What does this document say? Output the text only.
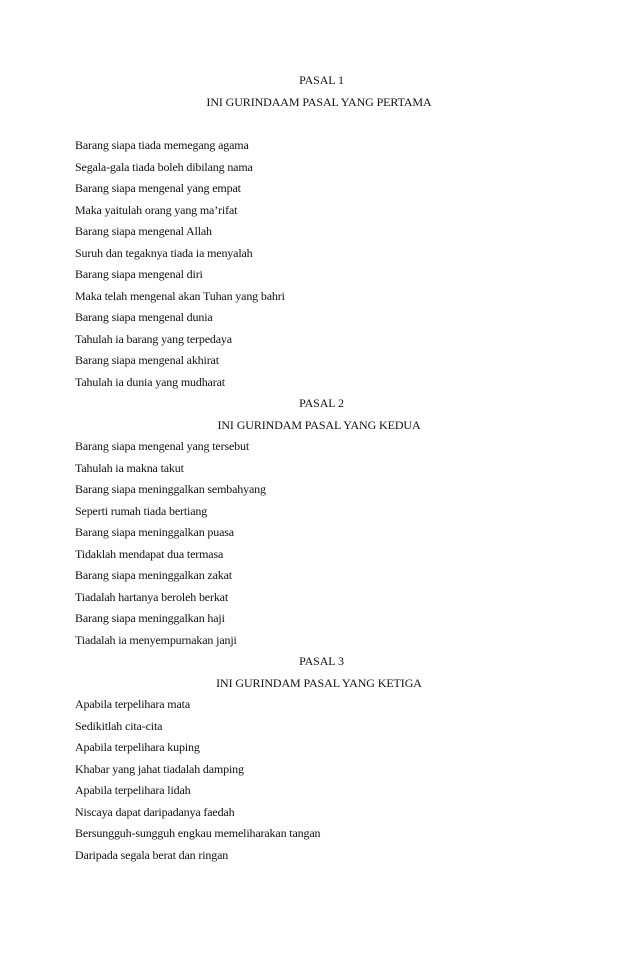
PASAL 1
INI GURINDAAM PASAL YANG PERTAMA
Barang siapa tiada memegang agama
Segala-gala tiada boleh dibilang nama
Barang siapa mengenal yang empat
Maka yaitulah orang yang ma’rifat
Barang siapa mengenal Allah
Suruh dan tegaknya tiada ia menyalah
Barang siapa mengenal diri
Maka telah mengenal akan Tuhan yang bahri
Barang siapa mengenal dunia
Tahulah ia barang yang terpedaya
Barang siapa mengenal akhirat
Tahulah ia dunia yang mudharat
PASAL 2
INI GURINDAM PASAL YANG KEDUA
Barang siapa mengenal yang tersebut
Tahulah ia makna takut
Barang siapa meninggalkan sembahyang
Seperti rumah tiada bertiang
Barang siapa meninggalkan puasa
Tidaklah mendapat dua termasa
Barang siapa meninggalkan zakat
Tiadalah hartanya beroleh berkat
Barang siapa meninggalkan haji
Tiadalah ia menyempurnakan janji
PASAL 3
INI GURINDAM PASAL YANG KETIGA
Apabila terpelihara mata
Sedikitlah cita-cita
Apabila terpelihara kuping
Khabar yang jahat tiadalah damping
Apabila terpelihara lidah
Niscaya dapat daripadanya faedah
Bersungguh-sungguh engkau memeliharakan tangan
Daripada segala berat dan ringan
